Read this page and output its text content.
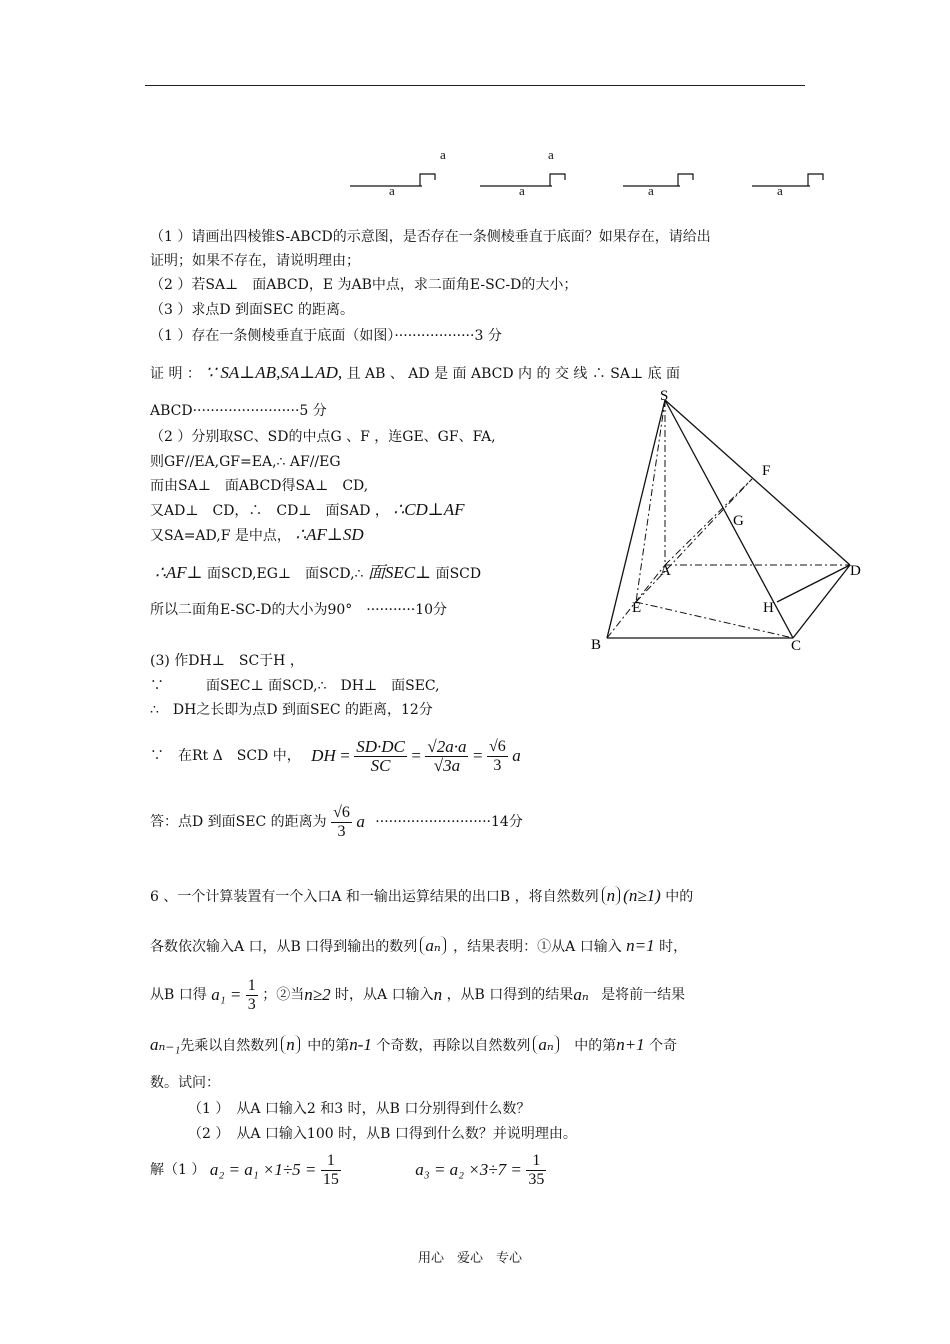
a	a
a	a	a	a
（1 ）请画出四棱锥S-ABCD的示意图，是否存在一条侧棱垂直于底面？如果存在，请给出
证明；如果不存在，请说明理由；
（2 ）若SA⊥　面ABCD，E 为AB中点，求二面角E-SC-D的大小；
（3 ）求点D 到面SEC 的距离。
（1 ）存在一条侧棱垂直于底面（如图）··················3 分
证 明 ： ∵ SA⊥AB,SA⊥AD, 且 AB 、 AD 是 面 ABCD 内 的 交 线 ∴ SA⊥ 底 面
ABCD························5 分
（2 ）分别取SC、SD的中点G 、F ，连GE、GF、FA,
则GF//EA,GF=EA,∴ AF//EG
而由SA⊥　面ABCD得SA⊥　CD,
又AD⊥　CD，∴　CD⊥　面SAD ， ∴CD⊥AF
又SA=AD,F 是中点， ∴AF⊥SD
∴AF⊥ 面SCD,EG⊥　面SCD,∴ 面SEC⊥ 面SCD
所以二面角E-SC-D的大小为90°　···········10分
(3) 作DH⊥　SC于H ，
∵　　　面SEC⊥ 面SCD,∴　DH⊥　面SEC,
∴　DH之长即为点D 到面SEC 的距离，12分
∵　在Rt Δ　SCD 中， DH = $\frac{SD\cdot DC}{SC} = \frac{√2a\cdot a}{√3a} = \frac{√6}{3}$ a
答：点D 到面SEC 的距离为 $\frac{√6}{3}$ a ··························14分
S
F
G
A	D
E	H
B	C
6 、一个计算装置有一个入口A 和一输出运算结果的出口B ，将自然数列 n (n≥1) 中的
各数依次输入A 口，从B 口得到输出的数列 aₙ ，结果表明：①从A 口输入 n=1 时，
从B 口得 $a_1 = \frac{1}{3}$ ；②当n≥2 时，从A 口输入n ，从B 口得到的结果aₙ 是将前一结果
aₙ₋₁先乘以自然数列 n 中的第n-1 个奇数，再除以自然数列 aₙ 中的第n+1 个奇
数。试问：
（1 ）　从A 口输入2 和3 时，从B 口分别得到什么数？
（2 ）　从A 口输入100 时，从B 口得到什么数？并说明理由。
解（1 ） $a_2 = a_1 \times 1\div 5 = \frac{1}{15}$	$a_3 = a_2 \times 3\div 7 = \frac{1}{35}$
用心　爱心　专心
